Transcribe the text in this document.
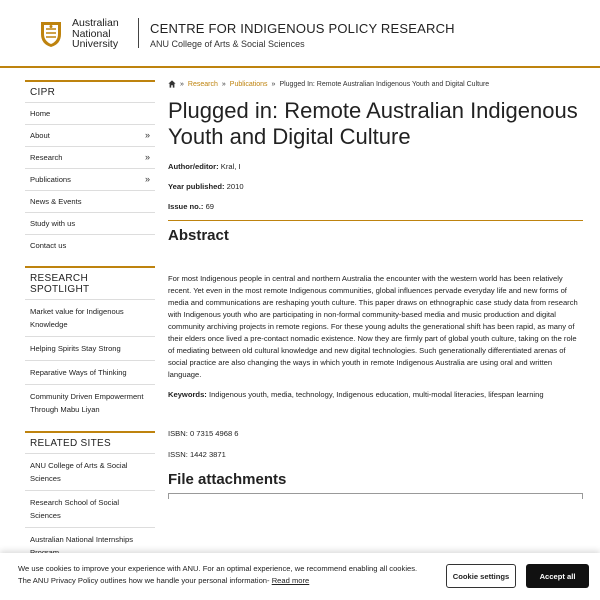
Australian
National
University
CENTRE FOR INDIGENOUS POLICY RESEARCH
ANU College of Arts & Social Sciences
CIPR
Home
About	»
Research	»
Publications	»
News & Events
Study with us
Contact us
RESEARCH SPOTLIGHT
Market value for Indigenous Knowledge
Helping Spirits Stay Strong
Reparative Ways of Thinking
Community Driven Empowerment Through Mabu Liyan
RELATED SITES
ANU College of Arts & Social Sciences
Research School of Social Sciences
Australian National Internships
» Research » Publications » Plugged In: Remote Australian Indigenous Youth and Digital Culture
Plugged in: Remote Australian Indigenous Youth and Digital Culture
Author/editor: Kral, I
Year published: 2010
Issue no.: 69
Abstract

For most Indigenous people in central and northern Australia the encounter with the western world has been relatively recent. Yet even in the most remote Indigenous communities, global influences pervade everyday life and new forms of media and communications are reshaping youth culture. This paper draws on ethnographic case study data from research with Indigenous youth who are participating in non-formal community-based media and music production and digital community archiving projects in remote regions. For these young adults the generational shift has been rapid, as many of their elders once lived a pre-contact nomadic existence. Now they are firmly part of global youth culture, taking on the role of mediating between old cultural knowledge and new digital technologies. Such generationally differentiated arenas of social practice are also changing the ways in which youth in remote Indigenous Australia are using oral and written language.

Keywords: Indigenous youth, media, technology, Indigenous education, multi-modal literacies, lifespan learning

ISBN: 0 7315 4968 6

ISSN: 1442 3871

File attachments

We use cookies to improve your experience with ANU. For an optimal experience, we recommend enabling all cookies. The ANU Privacy Policy outlines how we handle your personal information- Read more	Cookie settings	Accept all
